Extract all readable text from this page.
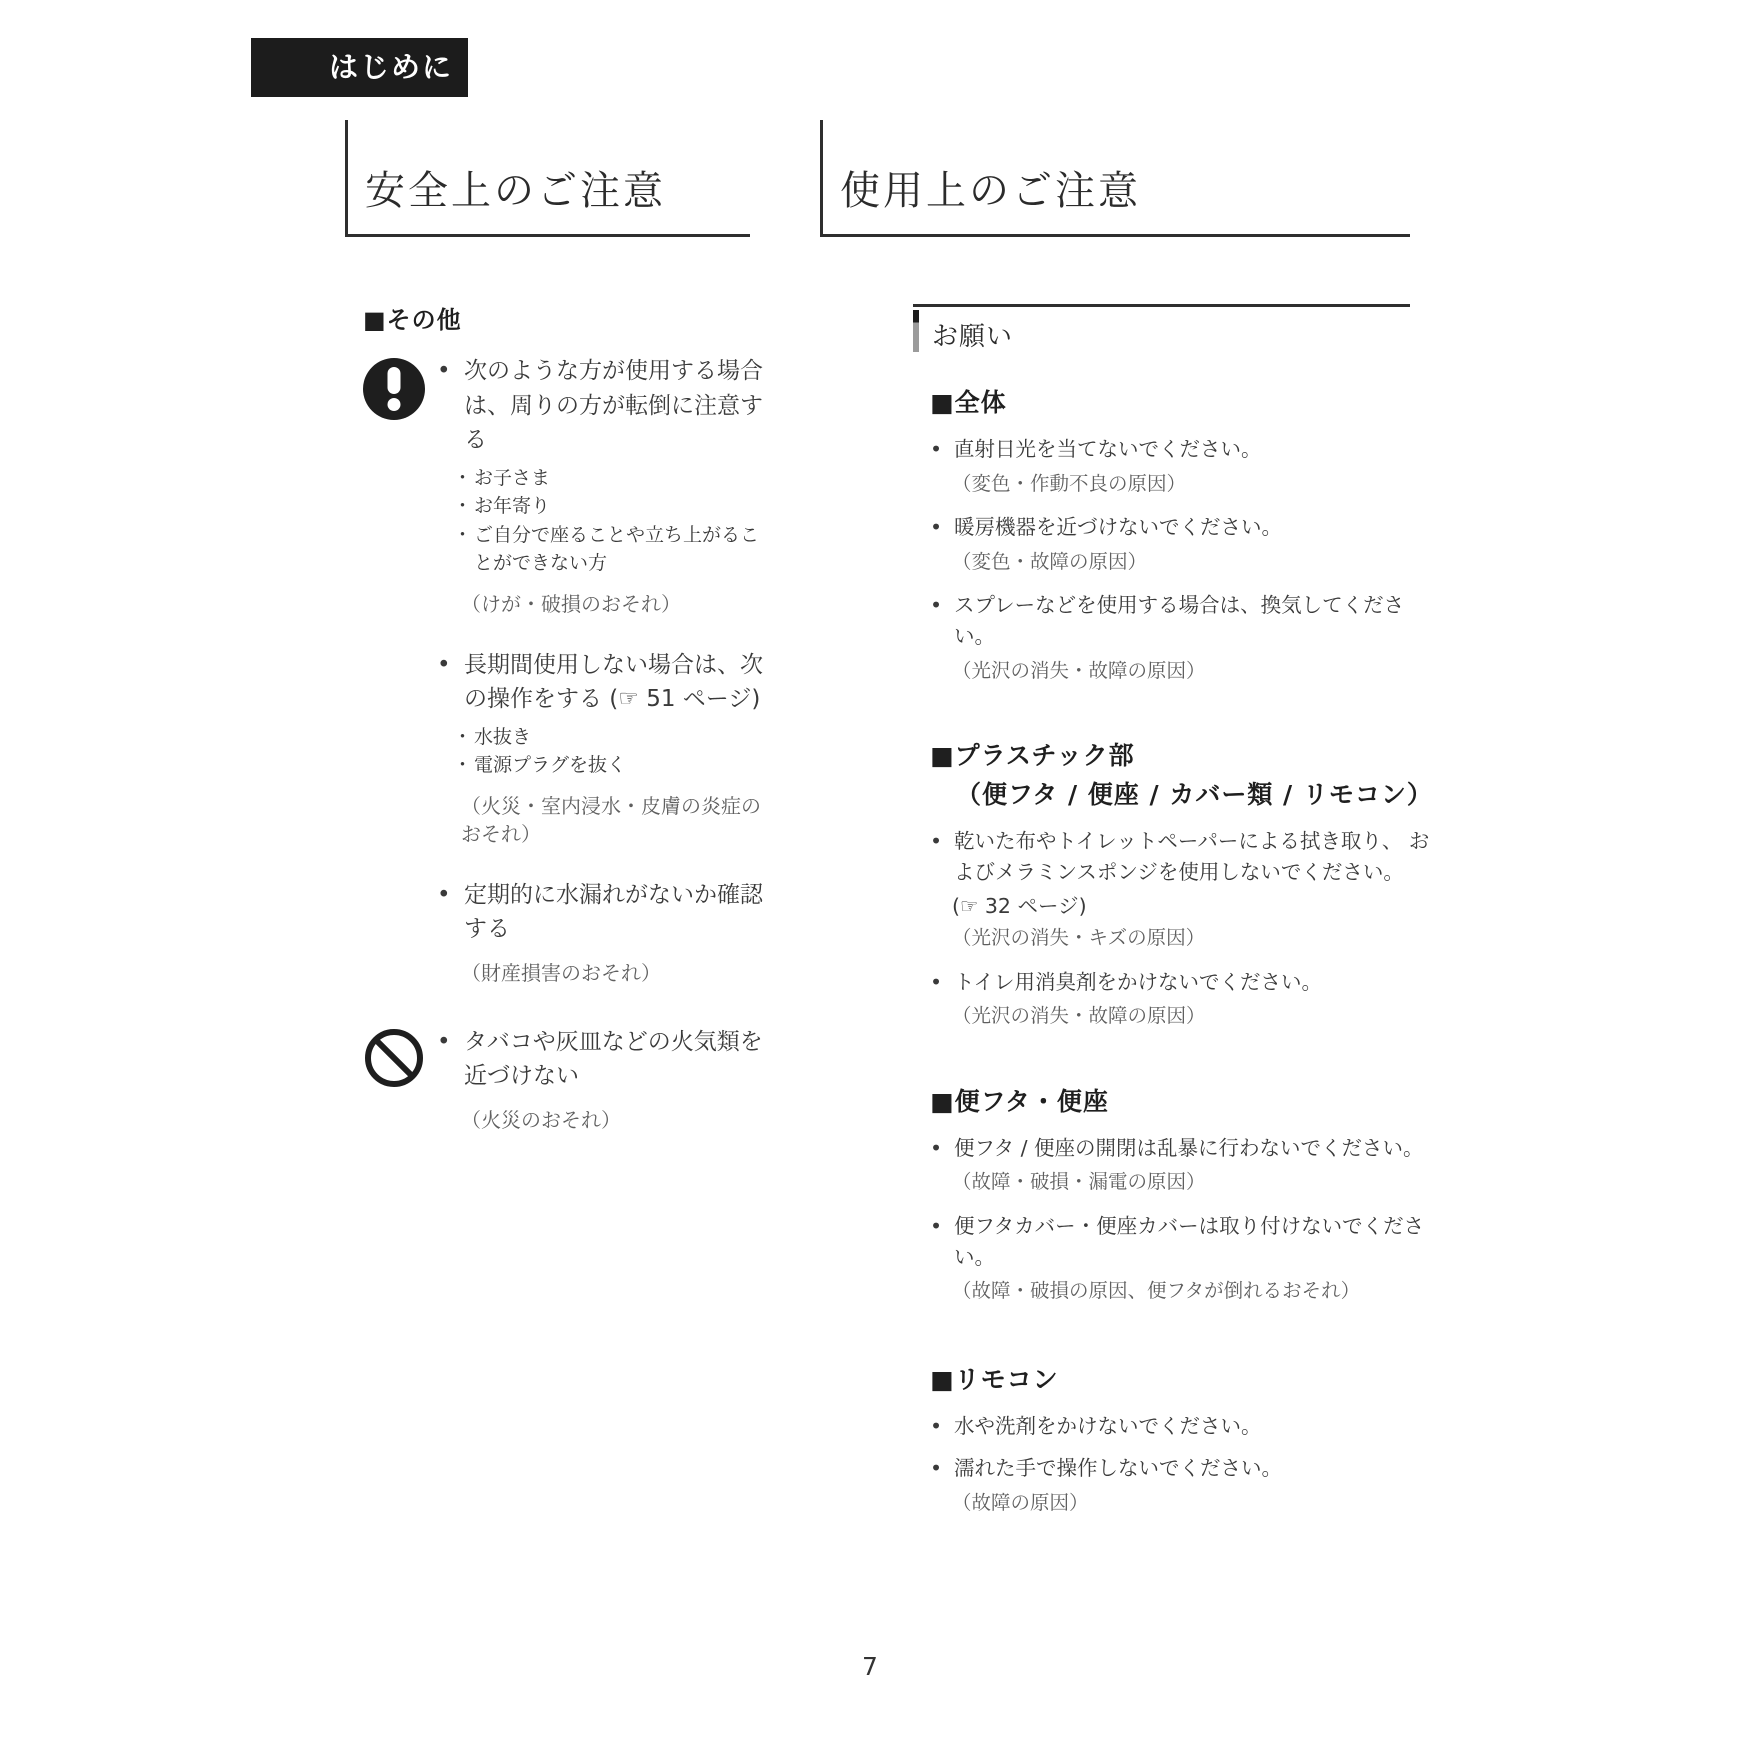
はじめに
安全上のご注意
■その他
• 次のような方が使用する場合は、周りの方が転倒に注意する
・ お子さま
・ お年寄り
・ ご自分で座ることや立ち上がることができない方
（けが・破損のおそれ）
• 長期間使用しない場合は、次の操作をする (☞ 51 ページ)
・ 水抜き
・ 電源プラグを抜く
（火災・室内浸水・皮膚の炎症のおそれ）
• 定期的に水漏れがないか確認する
（財産損害のおそれ）
• タバコや灰皿などの火気類を近づけない
（火災のおそれ）
使用上のご注意
お願い
■全体
• 直射日光を当てないでください。
（変色・作動不良の原因）
• 暖房機器を近づけないでください。
（変色・故障の原因）
• スプレーなどを使用する場合は、換気してください。
（光沢の消失・故障の原因）
■プラスチック部
（便フタ / 便座 / カバー類 / リモコン）
• 乾いた布やトイレットペーパーによる拭き取り、 およびメラミンスポンジを使用しないでください。
(☞ 32 ページ)
（光沢の消失・キズの原因）
• トイレ用消臭剤をかけないでください。
（光沢の消失・故障の原因）
■便フタ・便座
• 便フタ / 便座の開閉は乱暴に行わないでください。
（故障・破損・漏電の原因）
• 便フタカバー・便座カバーは取り付けないでください。
（故障・破損の原因、便フタが倒れるおそれ）
■リモコン
• 水や洗剤をかけないでください。
• 濡れた手で操作しないでください。
（故障の原因）
7
